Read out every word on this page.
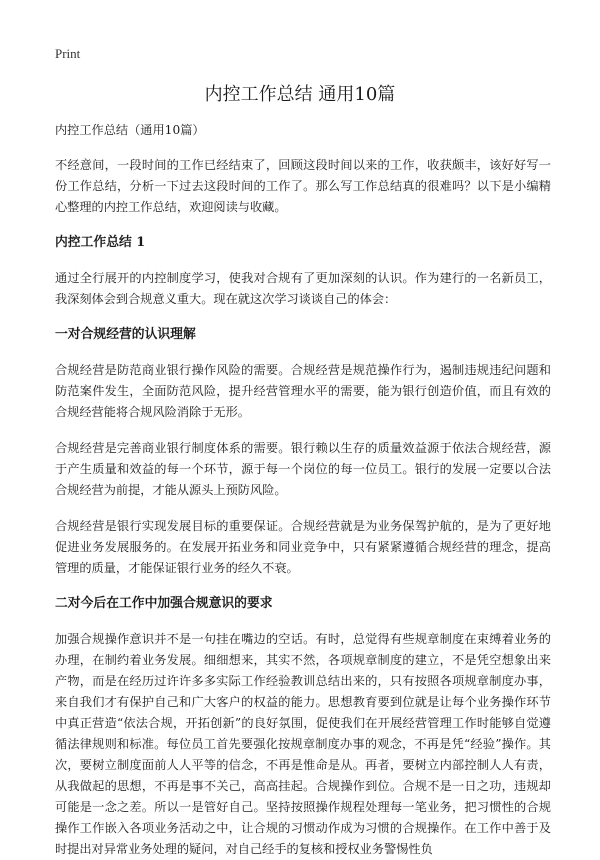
Print
内控工作总结 通用10篇

内控工作总结（通用10篇）

不经意间，一段时间的工作已经结束了，回顾这段时间以来的工作，收获颇丰，该好好写一份工作总结，分析一下过去这段时间的工作了。那么写工作总结真的很难吗？以下是小编精心整理的内控工作总结，欢迎阅读与收藏。

内控工作总结 1

通过全行展开的内控制度学习，使我对合规有了更加深刻的认识。作为建行的一名新员工，我深刻体会到合规意义重大。现在就这次学习谈谈自己的体会：

一对合规经营的认识理解

合规经营是防范商业银行操作风险的需要。合规经营是规范操作行为，遏制违规违纪问题和防范案件发生，全面防范风险，提升经营管理水平的需要，能为银行创造价值，而且有效的合规经营能将合规风险消除于无形。

合规经营是完善商业银行制度体系的需要。银行赖以生存的质量效益源于依法合规经营，源于产生质量和效益的每一个环节，源于每一个岗位的每一位员工。银行的发展一定要以合法合规经营为前提，才能从源头上预防风险。

合规经营是银行实现发展目标的重要保证。合规经营就是为业务保驾护航的，是为了更好地促进业务发展服务的。在发展开拓业务和同业竞争中，只有紧紧遵循合规经营的理念，提高管理的质量，才能保证银行业务的经久不衰。

二对今后在工作中加强合规意识的要求

加强合规操作意识并不是一句挂在嘴边的空话。有时，总觉得有些规章制度在束缚着业务的办理，在制约着业务发展。细细想来，其实不然，各项规章制度的建立，不是凭空想象出来产物，而是在经历过许许多多实际工作经验教训总结出来的，只有按照各项规章制度办事，来自我们才有保护自己和广大客户的权益的能力。思想教育要到位就是让每个业务操作环节中真正营造“依法合规，开拓创新”的良好氛围，促使我们在开展经营管理工作时能够自觉遵循法律规则和标准。每位员工首先要强化按规章制度办事的观念，不再是凭“经验”操作。其次，要树立制度面前人人平等的信念，不再是惟命是从。再者，要树立内部控制人人有责，从我做起的思想，不再是事不关己，高高挂起。合规操作到位。合规不是一日之功，违规却可能是一念之差。所以一是管好自己。坚持按照操作规程处理每一笔业务，把习惯性的合规操作工作嵌入各项业务活动之中，让合规的习惯动作成为习惯的合规操作。在工作中善于及时提出对异常业务处理的疑问，对自己经手的复核和授权业务警惕性负
